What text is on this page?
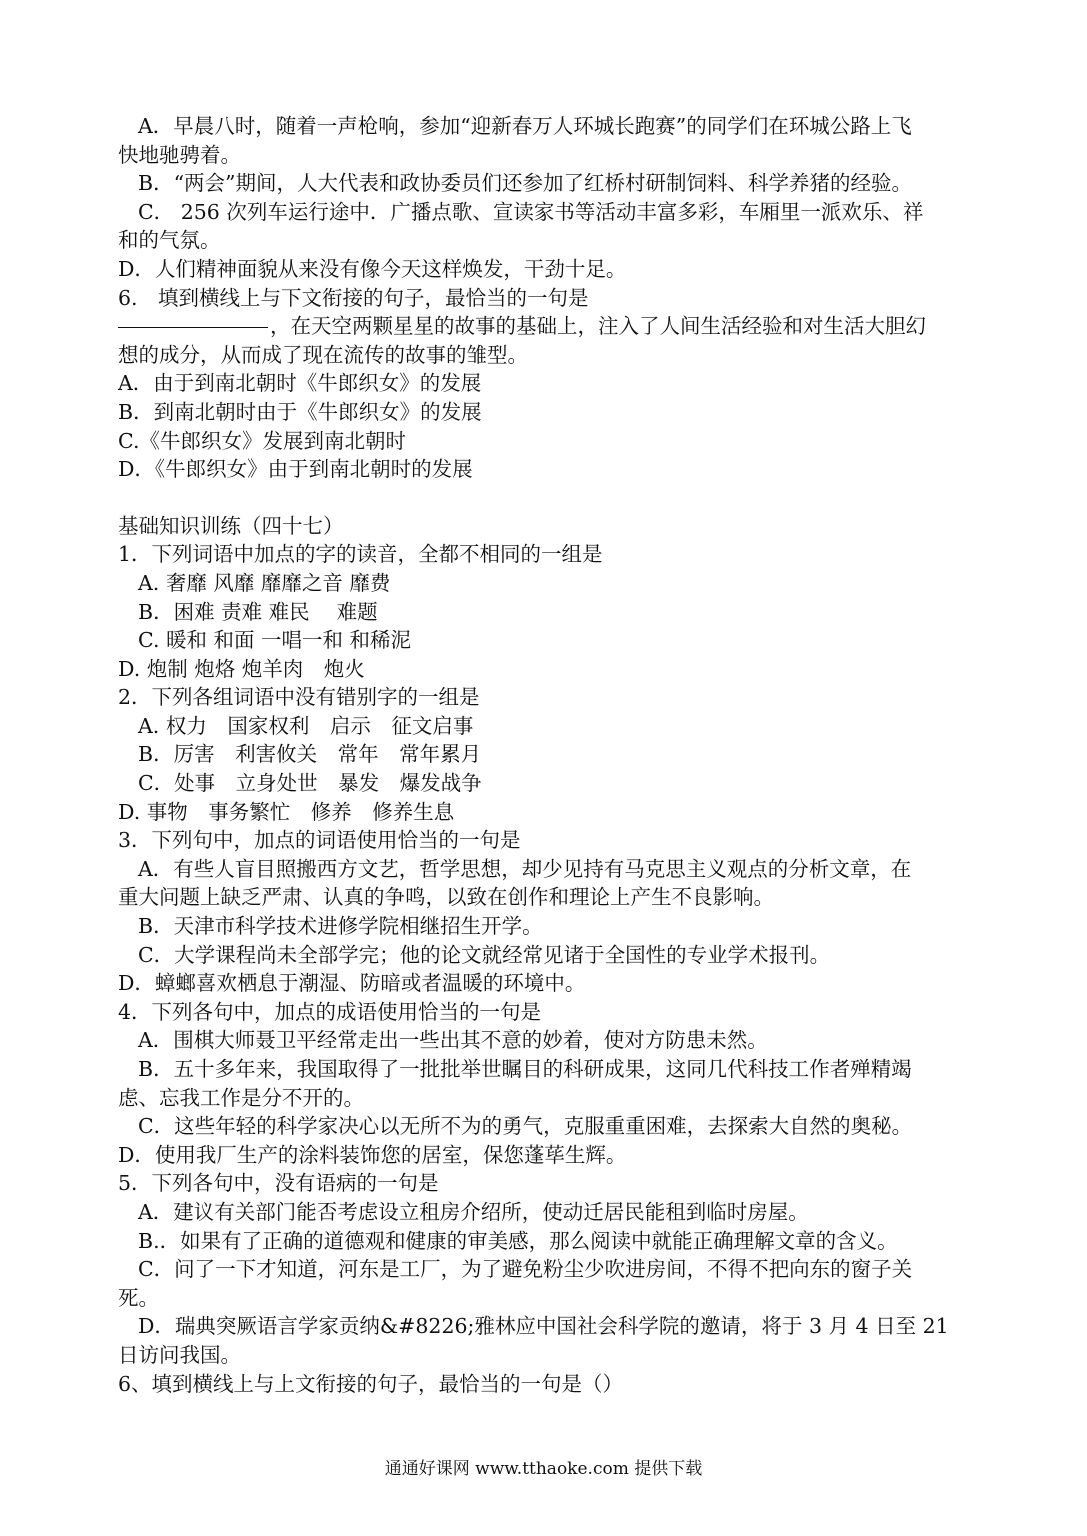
A．早晨八时，随着一声枪响，参加“迎新春万人环城长跑赛”的同学们在环城公路上飞
快地驰骋着。
B．“两会”期间，人大代表和政协委员们还参加了红桥村研制饲料、科学养猪的经验。
C． 256 次列车运行途中．广播点歌、宣读家书等活动丰富多彩，车厢里一派欢乐、祥
和的气氛。
D．人们精神面貌从来没有像今天这样焕发，干劲十足。
6.　填到横线上与下文衔接的句子，最恰当的一句是
，在天空两颗星星的故事的基础上，注入了人间生活经验和对生活大胆幻
想的成分，从而成了现在流传的故事的雏型。
A．由于到南北朝时《牛郎织女》的发展
B．到南北朝时由于《牛郎织女》的发展
C.《牛郎织女》发展到南北朝时
D．《牛郎织女》由于到南北朝时的发展
基础知识训练（四十七）
1．下列词语中加点的字的读音，全都不相同的一组是
A. 奢靡 风靡 靡靡之音 靡费
B．困难 责难 难民　 难题
C. 暖和 和面 一唱一和 和稀泥
D. 炮制 炮烙 炮羊肉　炮火
2．下列各组词语中没有错别字的一组是
A. 权力　国家权利　启示　征文启事
B．厉害　利害攸关　常年　常年累月
C．处事　立身处世　暴发　爆发战争
D. 事物　事务繁忙　修养　修养生息
3．下列句中，加点的词语使用恰当的一句是
A．有些人盲目照搬西方文艺，哲学思想，却少见持有马克思主义观点的分析文章，在
重大问题上缺乏严肃、认真的争鸣，以致在创作和理论上产生不良影响。
B．天津市科学技术进修学院相继招生开学。
C．大学课程尚未全部学完；他的论文就经常见诸于全国性的专业学术报刊。
D．蟑螂喜欢栖息于潮湿、防暗或者温暖的环境中。
4．下列各句中，加点的成语使用恰当的一句是
A．围棋大师聂卫平经常走出一些出其不意的妙着，使对方防患未然。
B．五十多年来，我国取得了一批批举世瞩目的科研成果，这同几代科技工作者殚精竭
虑、忘我工作是分不开的。
C．这些年轻的科学家决心以无所不为的勇气，克服重重困难，去探索大自然的奥秘。
D．使用我厂生产的涂料装饰您的居室，保您蓬荜生辉。
5．下列各句中，没有语病的一句是
A．建议有关部门能否考虑设立租房介绍所，使动迁居民能租到临时房屋。
B.．如果有了正确的道德观和健康的审美感，那么阅读中就能正确理解文章的含义。
C．问了一下才知道，河东是工厂，为了避免粉尘少吹进房间，不得不把向东的窗子关
死。
D．瑞典突厥语言学家贡纳&#8226;雅林应中国社会科学院的邀请，将于 3 月 4 日至 21
日访问我国。
6、填到横线上与上文衔接的句子，最恰当的一句是（）
通通好课网 www.tthaoke.com 提供下载
